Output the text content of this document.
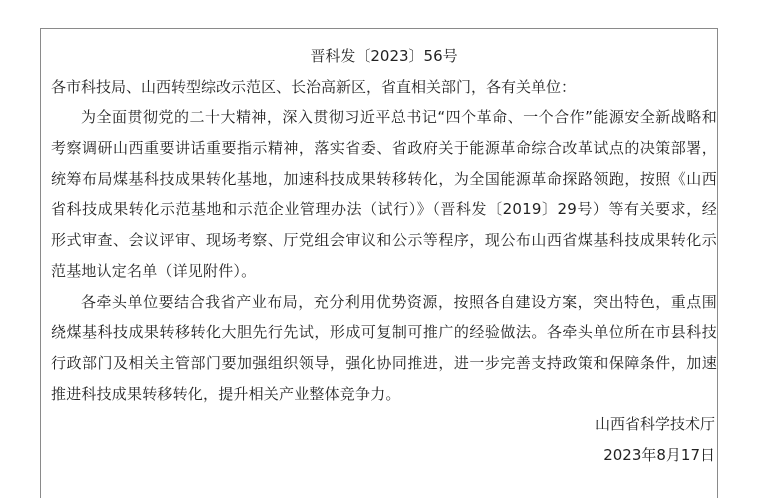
晋科发〔2023〕56号
各市科技局、山西转型综改示范区、长治高新区，省直相关部门，各有关单位：
为全面贯彻党的二十大精神，深入贯彻习近平总书记“四个革命、一个合作”能源安全新战略和考察调研山西重要讲话重要指示精神，落实省委、省政府关于能源革命综合改革试点的决策部署，统筹布局煤基科技成果转化基地，加速科技成果转移转化，为全国能源革命探路领跑，按照《山西省科技成果转化示范基地和示范企业管理办法（试行）》（晋科发〔2019〕29号）等有关要求，经形式审查、会议评审、现场考察、厅党组会审议和公示等程序，现公布山西省煤基科技成果转化示范基地认定名单（详见附件）。
各牵头单位要结合我省产业布局，充分利用优势资源，按照各自建设方案，突出特色，重点围绕煤基科技成果转移转化大胆先行先试，形成可复制可推广的经验做法。各牵头单位所在市县科技行政部门及相关主管部门要加强组织领导，强化协同推进，进一步完善支持政策和保障条件，加速推进科技成果转移转化，提升相关产业整体竞争力。
山西省科学技术厅
2023年8月17日
